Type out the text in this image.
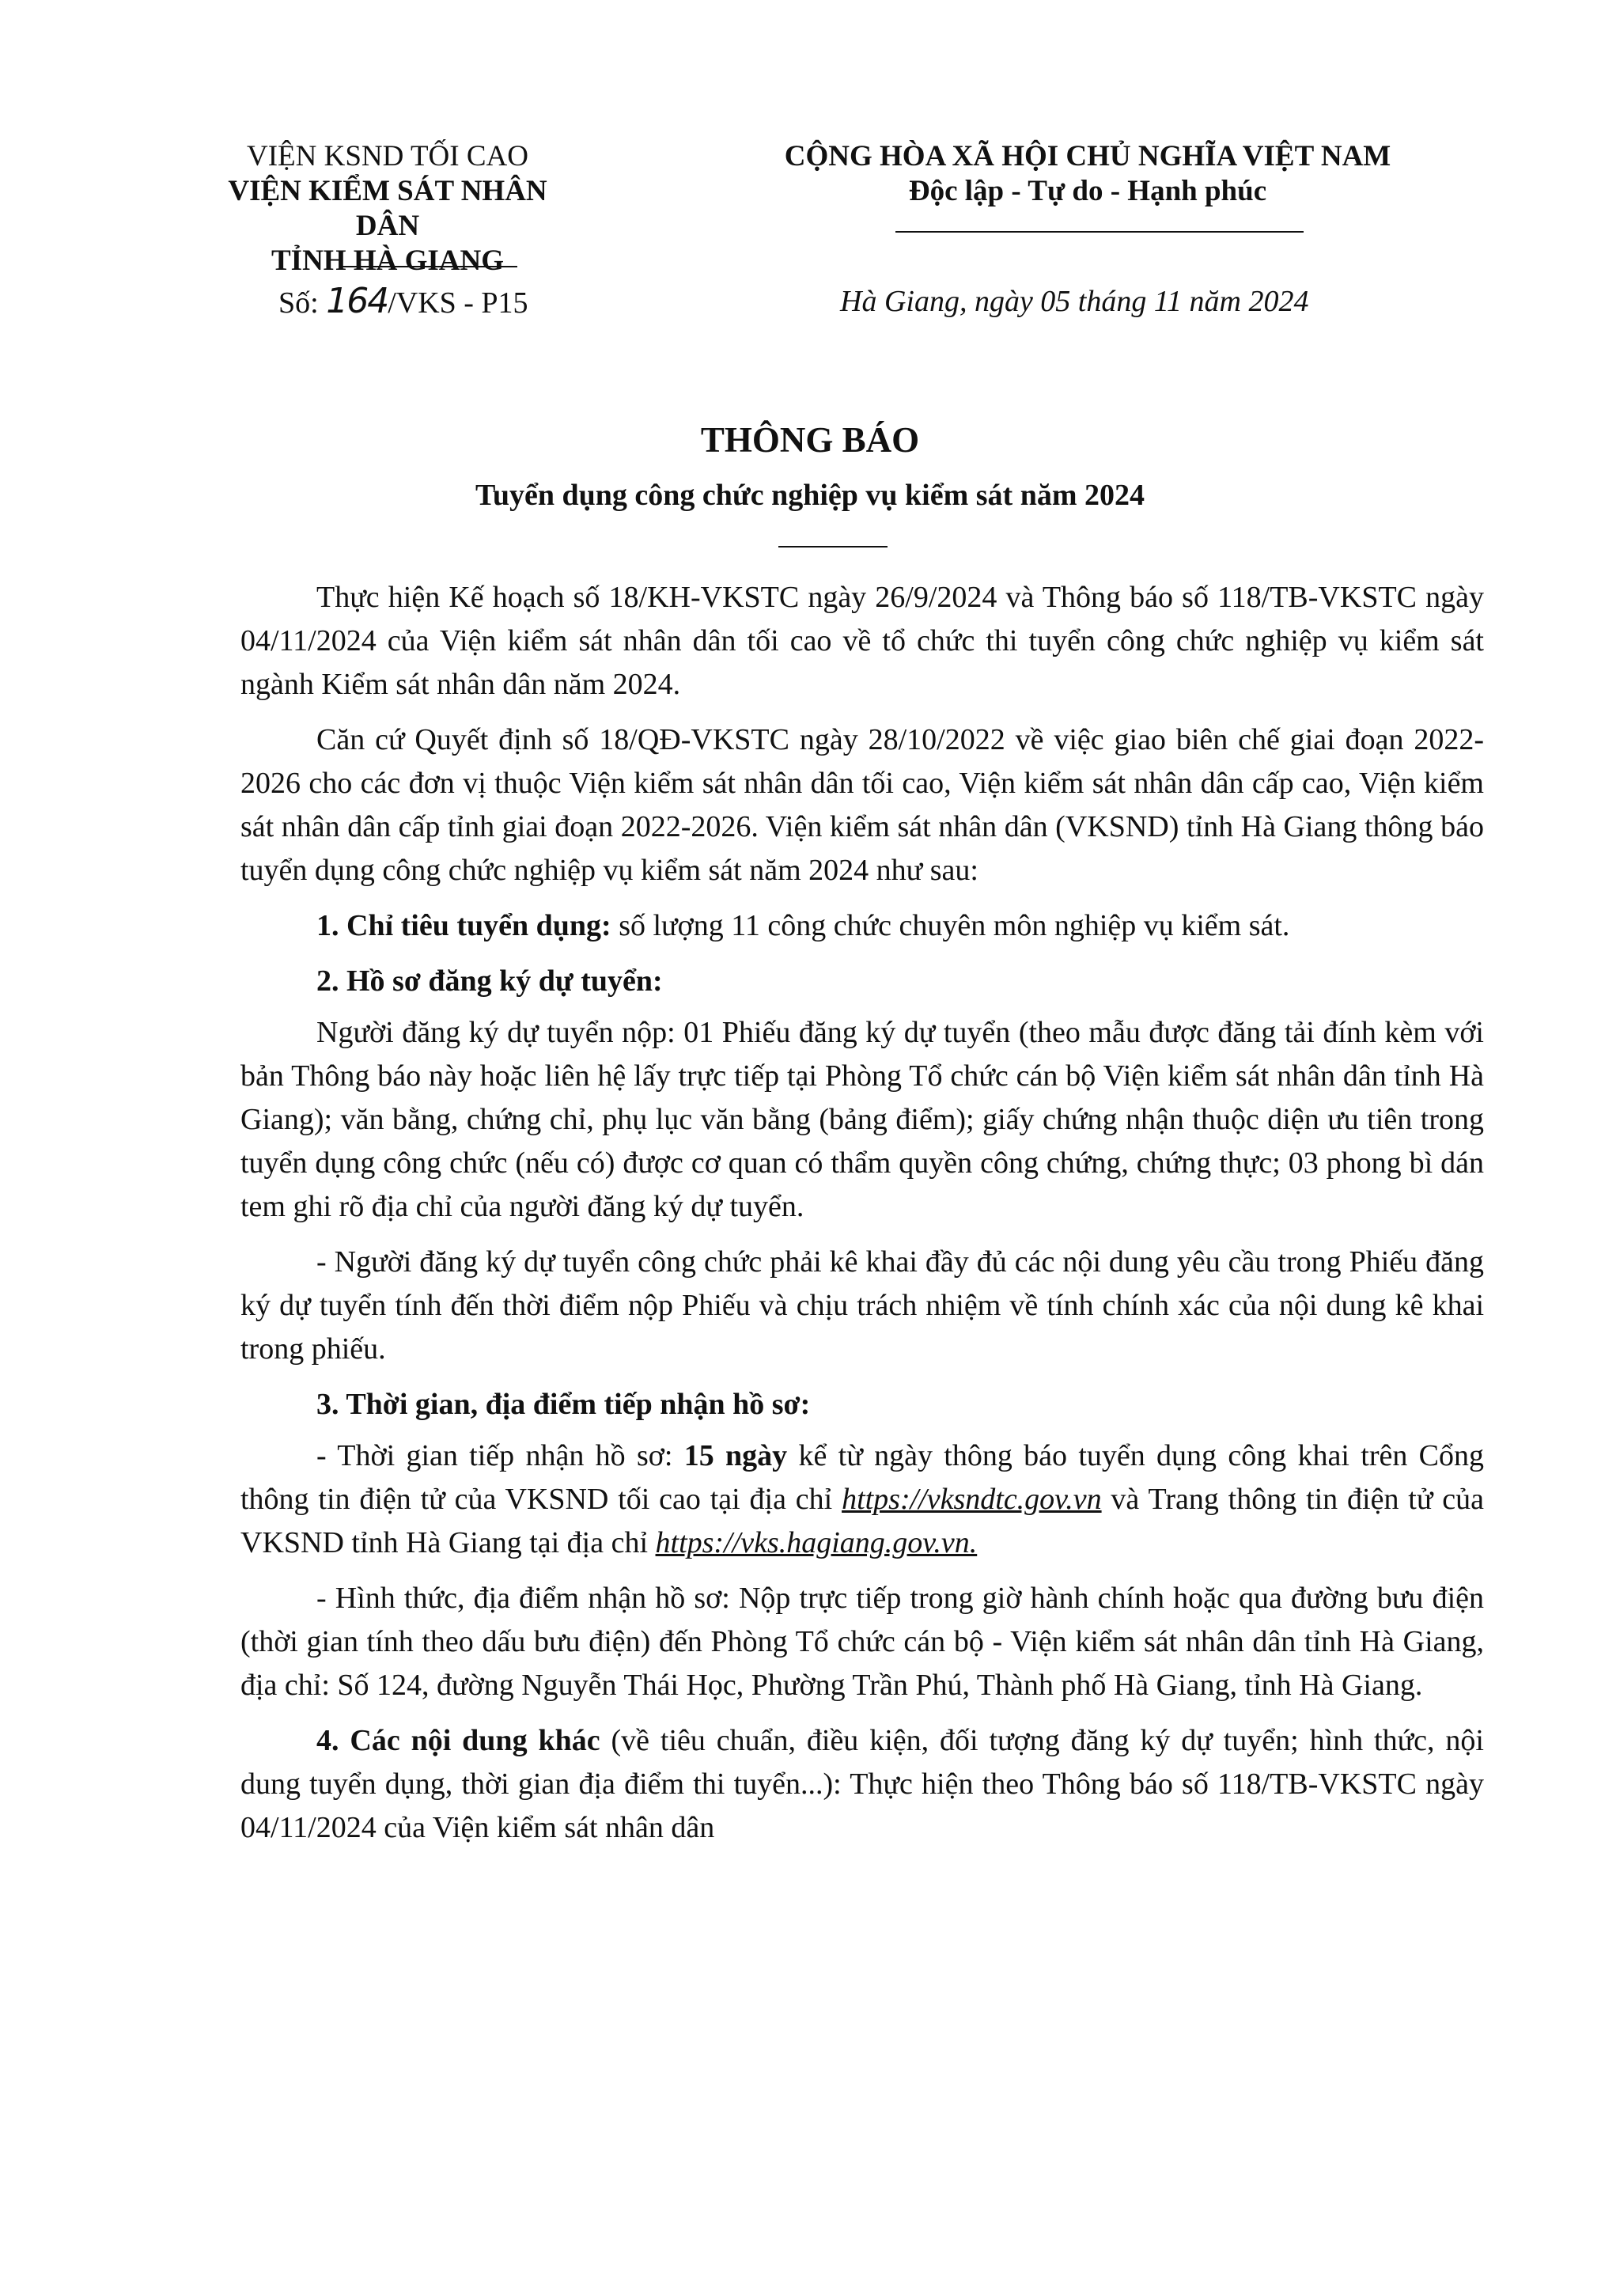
VIỆN KSND TỐI CAO
VIỆN KIỂM SÁT NHÂN DÂN
TỈNH HÀ GIANG
CỘNG HÒA XÃ HỘI CHỦ NGHĨA VIỆT NAM
Độc lập - Tự do - Hạnh phúc
Số: 164/VKS - P15	Hà Giang, ngày 05 tháng 11 năm 2024
THÔNG BÁO
Tuyển dụng công chức nghiệp vụ kiểm sát năm 2024

Thực hiện Kế hoạch số 18/KH-VKSTC ngày 26/9/2024 và Thông báo số 118/TB-VKSTC ngày 04/11/2024 của Viện kiểm sát nhân dân tối cao về tổ chức thi tuyển công chức nghiệp vụ kiểm sát ngành Kiểm sát nhân dân năm 2024.

Căn cứ Quyết định số 18/QĐ-VKSTC ngày 28/10/2022 về việc giao biên chế giai đoạn 2022-2026 cho các đơn vị thuộc Viện kiểm sát nhân dân tối cao, Viện kiểm sát nhân dân cấp cao, Viện kiểm sát nhân dân cấp tỉnh giai đoạn 2022-2026. Viện kiểm sát nhân dân (VKSND) tỉnh Hà Giang thông báo tuyển dụng công chức nghiệp vụ kiểm sát năm 2024 như sau:

1. Chỉ tiêu tuyển dụng: số lượng 11 công chức chuyên môn nghiệp vụ kiểm sát.

2. Hồ sơ đăng ký dự tuyển:

Người đăng ký dự tuyển nộp: 01 Phiếu đăng ký dự tuyển (theo mẫu được đăng tải đính kèm với bản Thông báo này hoặc liên hệ lấy trực tiếp tại Phòng Tổ chức cán bộ Viện kiểm sát nhân dân tỉnh Hà Giang); văn bằng, chứng chỉ, phụ lục văn bằng (bảng điểm); giấy chứng nhận thuộc diện ưu tiên trong tuyển dụng công chức (nếu có) được cơ quan có thẩm quyền công chứng, chứng thực; 03 phong bì dán tem ghi rõ địa chỉ của người đăng ký dự tuyển.

- Người đăng ký dự tuyển công chức phải kê khai đầy đủ các nội dung yêu cầu trong Phiếu đăng ký dự tuyển tính đến thời điểm nộp Phiếu và chịu trách nhiệm về tính chính xác của nội dung kê khai trong phiếu.

3. Thời gian, địa điểm tiếp nhận hồ sơ:

- Thời gian tiếp nhận hồ sơ: 15 ngày kể từ ngày thông báo tuyển dụng công khai trên Cổng thông tin điện tử của VKSND tối cao tại địa chỉ https://vksndtc.gov.vn và Trang thông tin điện tử của VKSND tỉnh Hà Giang tại địa chỉ https://vks.hagiang.gov.vn.

- Hình thức, địa điểm nhận hồ sơ: Nộp trực tiếp trong giờ hành chính hoặc qua đường bưu điện (thời gian tính theo dấu bưu điện) đến Phòng Tổ chức cán bộ - Viện kiểm sát nhân dân tỉnh Hà Giang, địa chỉ: Số 124, đường Nguyễn Thái Học, Phường Trần Phú, Thành phố Hà Giang, tỉnh Hà Giang.

4. Các nội dung khác (về tiêu chuẩn, điều kiện, đối tượng đăng ký dự tuyển; hình thức, nội dung tuyển dụng, thời gian địa điểm thi tuyển...): Thực hiện theo Thông báo số 118/TB-VKSTC ngày 04/11/2024 của Viện kiểm sát nhân dân
